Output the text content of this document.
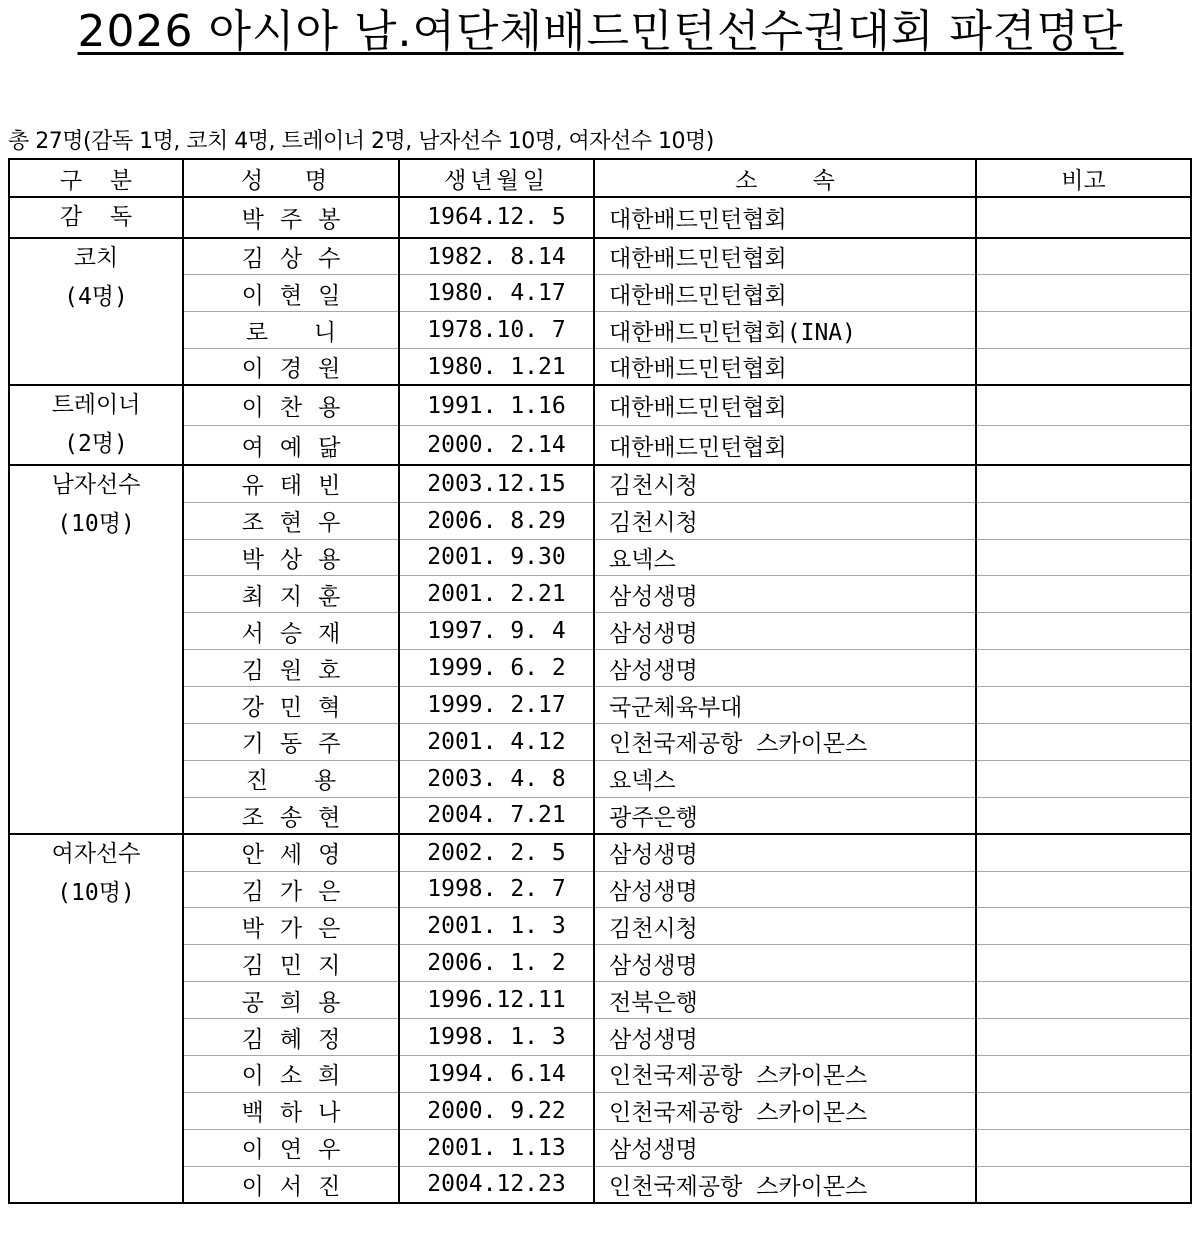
2026 아시아 남.여단체배드민턴선수권대회 파견명단
총 27명(감독 1명, 코치 4명, 트레이너 2명, 남자선수 10명, 여자선수 10명)
구  분	성 명	생년월일	소    속	비고

감  독	박주봉	1964.12. 5	대한배드민턴협회	

코치
(4명)	김상수	1982. 8.14	대한배드민턴협회	
	이현일	1980. 4.17	대한배드민턴협회	
	로 니	1978.10. 7	대한배드민턴협회(INA)	
	이경원	1980. 1.21	대한배드민턴협회	

트레이너
(2명)	이찬용	1991. 1.16	대한배드민턴협회	
	여예닮	2000. 2.14	대한배드민턴협회	

남자선수
(10명)	유태빈	2003.12.15	김천시청	
	조현우	2006. 8.29	김천시청	
	박상용	2001. 9.30	요넥스	
	최지훈	2001. 2.21	삼성생명	
	서승재	1997. 9. 4	삼성생명	
	김원호	1999. 6. 2	삼성생명	
	강민혁	1999. 2.17	국군체육부대	
	기동주	2001. 4.12	인천국제공항 스카이몬스	
	진 용	2003. 4. 8	요넥스	
	조송현	2004. 7.21	광주은행	

여자선수
(10명)	안세영	2002. 2. 5	삼성생명	
	김가은	1998. 2. 7	삼성생명	
	박가은	2001. 1. 3	김천시청	
	김민지	2006. 1. 2	삼성생명	
	공희용	1996.12.11	전북은행	
	김혜정	1998. 1. 3	삼성생명	
	이소희	1994. 6.14	인천국제공항 스카이몬스	
	백하나	2000. 9.22	인천국제공항 스카이몬스	
	이연우	2001. 1.13	삼성생명	
	이서진	2004.12.23	인천국제공항 스카이몬스	
